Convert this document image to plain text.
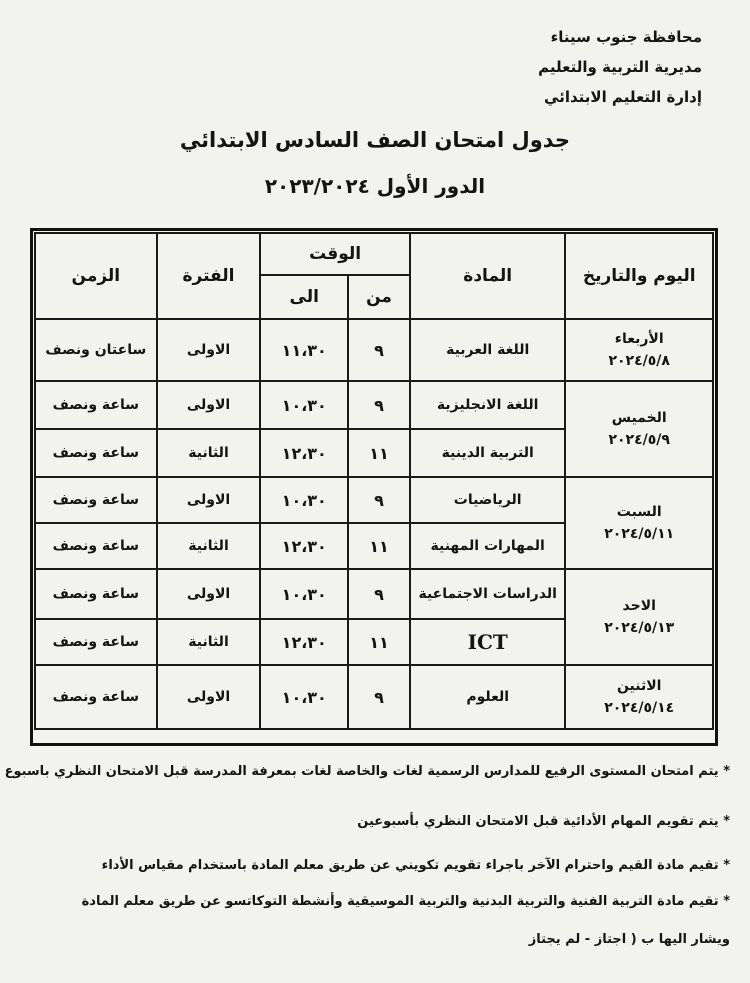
محافظة جنوب سيناء
مديرية التربية والتعليم
إدارة التعليم الابتدائي
جدول امتحان الصف السادس الابتدائي
الدور الأول ٢٠٢٣/٢٠٢٤
اليوم والتاريخ	المادة	الوقت		الفترة	الزمن
		من	الى		

الأربعاء
٢٠٢٤/٥/٨	اللغة العربية	٩	١١،٣٠	الاولى	ساعتان ونصف

الخميس
٢٠٢٤/٥/٩	اللغة الانجليزية	٩	١٠،٣٠	الاولى	ساعة ونصف
	التربية الدينية	١١	١٢،٣٠	الثانية	ساعة ونصف

السبت
٢٠٢٤/٥/١١	الرياضيات	٩	١٠،٣٠	الاولى	ساعة ونصف
	المهارات المهنية	١١	١٢،٣٠	الثانية	ساعة ونصف

الاحد
٢٠٢٤/٥/١٣	الدراسات الاجتماعية	٩	١٠،٣٠	الاولى	ساعة ونصف
	ICT	١١	١٢،٣٠	الثانية	ساعة ونصف

الاثنين
٢٠٢٤/٥/١٤	العلوم	٩	١٠،٣٠	الاولى	ساعة ونصف
* يتم امتحان المستوى الرفيع للمدارس الرسمية لغات والخاصة لغات بمعرفة المدرسة قبل الامتحان النظري باسبوع
* يتم تقويم المهام الأدائية قبل الامتحان النظري بأسبوعين
* تقيم مادة القيم واحترام الآخر باجراء تقويم تكويني عن طريق معلم المادة باستخدام مقياس الأداء
* تقيم مادة التربية الفنية والتربية البدنية والتربية الموسيقية وأنشطة التوكاتسو عن طريق معلم المادة
ويشار اليها ب ( اجتاز - لم يجتاز
